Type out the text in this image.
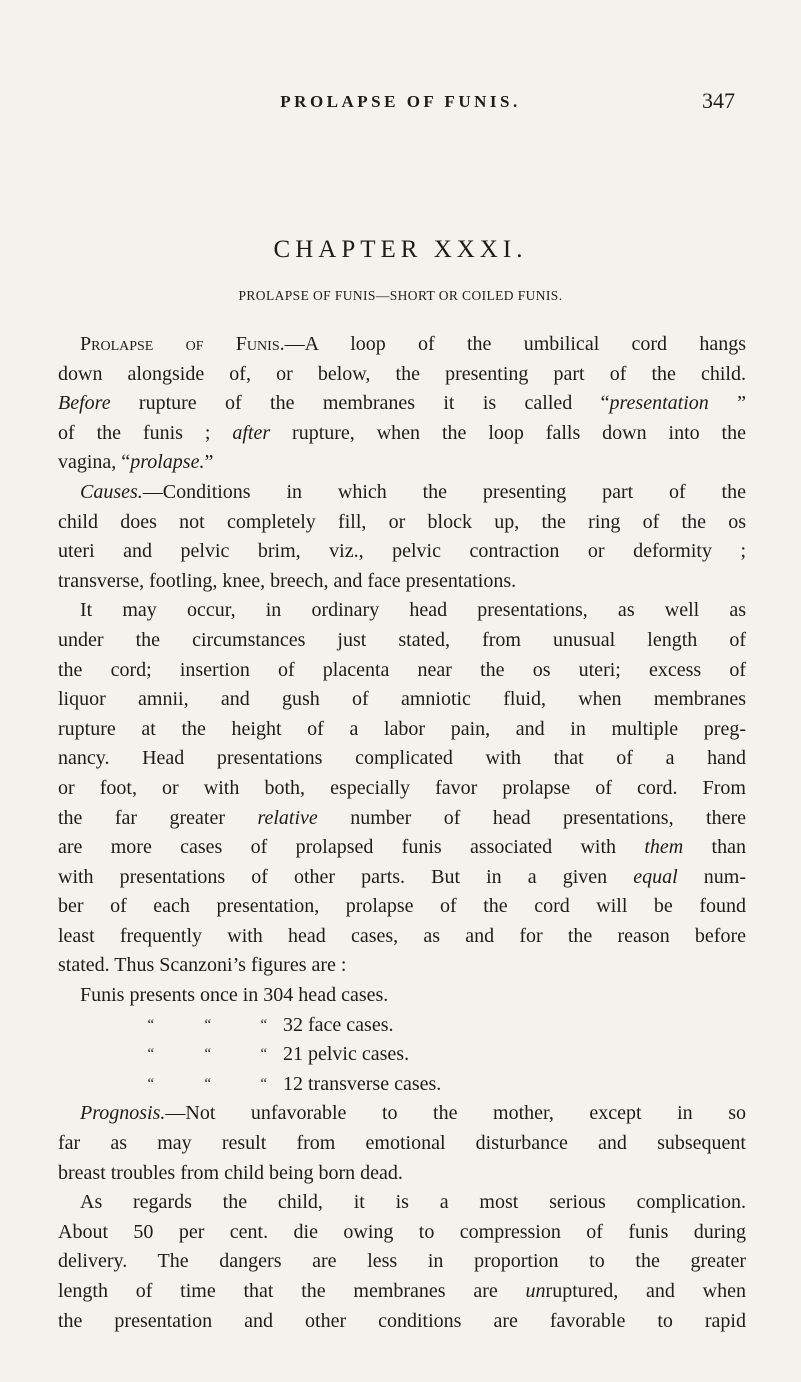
PROLAPSE OF FUNIS.	347
CHAPTER XXXI.
PROLAPSE OF FUNIS—SHORT OR COILED FUNIS.
Prolapse of Funis.—A loop of the umbilical cord hangs
down alongside of, or below, the presenting part of the child.
Before rupture of the membranes it is called “presentation ”
of the funis ; after rupture, when the loop falls down into the
vagina, “prolapse.”
Causes.—Conditions in which the presenting part of the
child does not completely fill, or block up, the ring of the os
uteri and pelvic brim, viz., pelvic contraction or deformity ;
transverse, footling, knee, breech, and face presentations.
It may occur, in ordinary head presentations, as well as
under the circumstances just stated, from unusual length of
the cord; insertion of placenta near the os uteri; excess of
liquor amnii, and gush of amniotic fluid, when membranes
rupture at the height of a labor pain, and in multiple preg-
nancy. Head presentations complicated with that of a hand
or foot, or with both, especially favor prolapse of cord. From
the far greater relative number of head presentations, there
are more cases of prolapsed funis associated with them than
with presentations of other parts. But in a given equal num-
ber of each presentation, prolapse of the cord will be found
least frequently with head cases, as and for the reason before
stated. Thus Scanzoni’s figures are :
Funis presents once in 304 head cases.
“	“	“ 32 face cases.
“	“	“ 21 pelvic cases.
“	“	“ 12 transverse cases.
Prognosis.—Not unfavorable to the mother, except in so
far as may result from emotional disturbance and subsequent
breast troubles from child being born dead.
As regards the child, it is a most serious complication.
About 50 per cent. die owing to compression of funis during
delivery. The dangers are less in proportion to the greater
length of time that the membranes are unruptured, and when
the presentation and other conditions are favorable to rapid
